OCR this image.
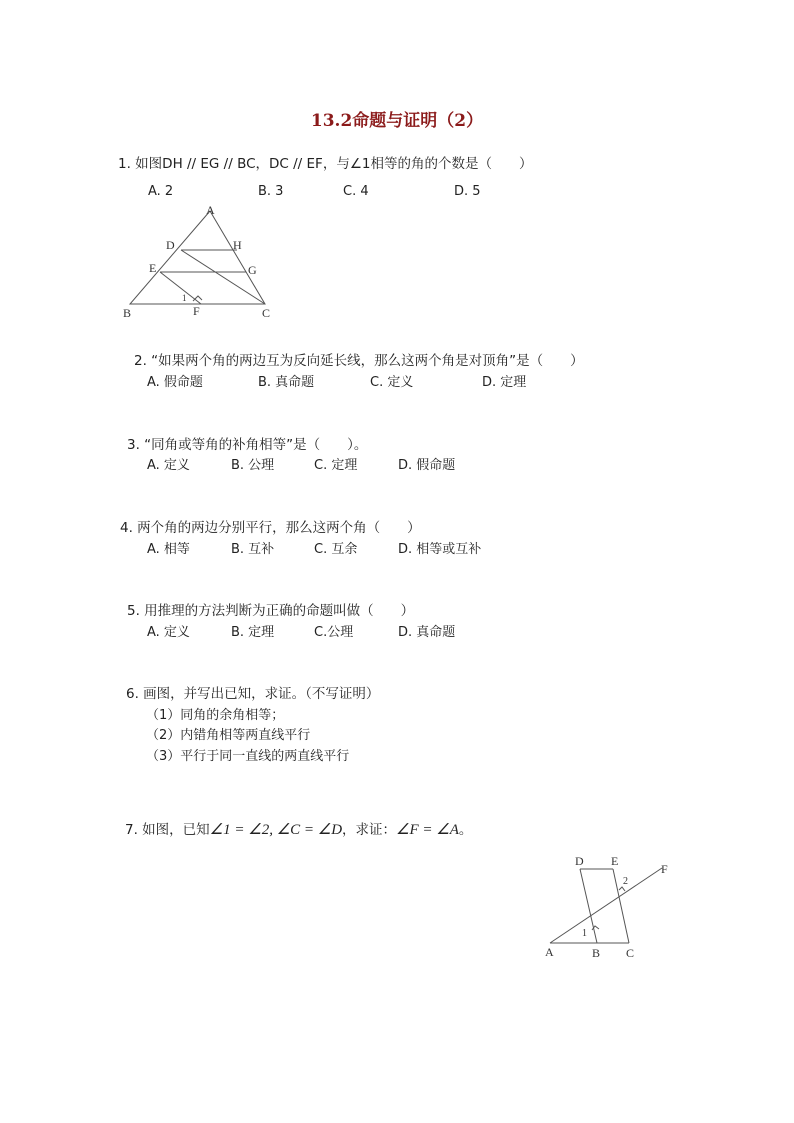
13.2命题与证明（2）
1. 如图DH // EG // BC，DC // EF，与∠1相等的角的个数是（　　）
A. 2	B. 3	C. 4	D. 5
A
D	H
E	G
1
B	F	C
2. “如果两个角的两边互为反向延长线，那么这两个角是对顶角”是（　　）
A. 假命题	B. 真命题	C. 定义	D. 定理
3. “同角或等角的补角相等”是（　　）。
A. 定义	B. 公理	C. 定理	D. 假命题
4. 两个角的两边分别平行，那么这两个角（　　）
A. 相等	B. 互补	C. 互余	D. 相等或互补
5. 用推理的方法判断为正确的命题叫做（　　）
A. 定义	B. 定理	C.公理	D. 真命题
6. 画图，并写出已知，求证。（不写证明）
（1）同角的余角相等；
（2）内错角相等两直线平行
（3）平行于同一直线的两直线平行
7. 如图，已知∠1 = ∠2, ∠C = ∠D，求证：∠F = ∠A。
D E
F
2
1
A	B C
